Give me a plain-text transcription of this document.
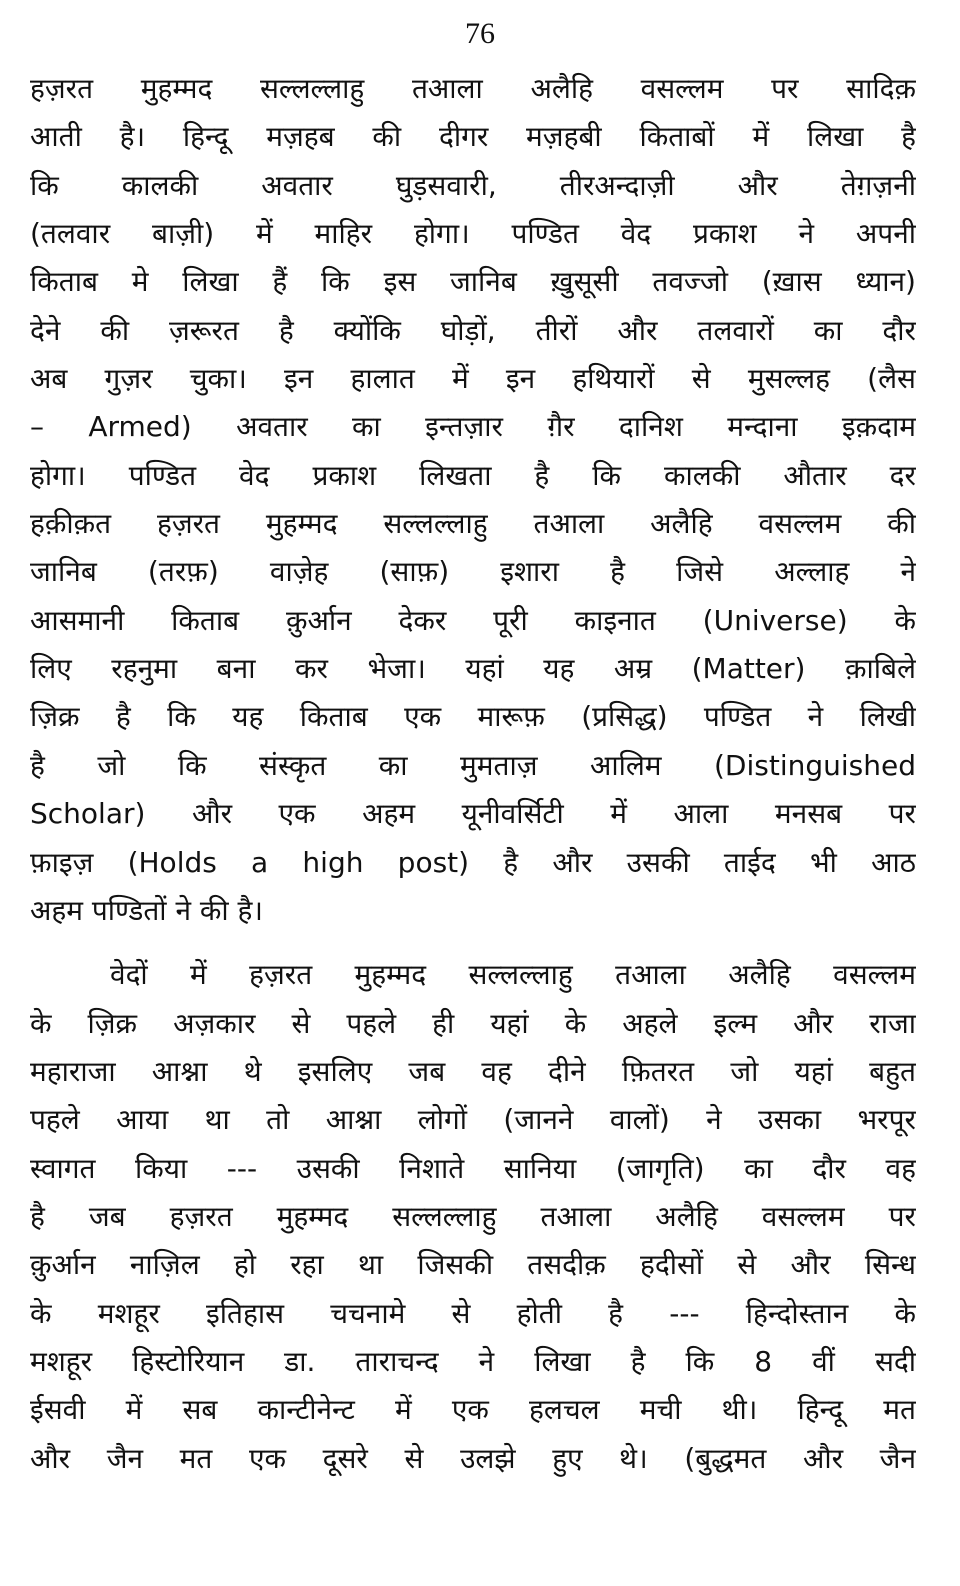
76
हज़रत मुहम्मद सल्लल्लाहु तआला अलैहि वसल्लम पर सादिक़
आती है। हिन्दू मज़हब की दीगर मज़हबी किताबों में लिखा है
कि कालकी अवतार घुड़सवारी, तीरअन्दाज़ी और तेग़ज़नी
(तलवार बाज़ी) में माहिर होगा। पण्डित वेद प्रकाश ने अपनी
किताब मे लिखा हैं कि इस जानिब ख़ुसूसी तवज्जो (ख़ास ध्यान)
देने की ज़रूरत है क्योंकि घोड़ों, तीरों और तलवारों का दौर
अब गुज़र चुका। इन हालात में इन हथियारों से मुसल्लह (लैस
– Armed) अवतार का इन्तज़ार ग़ैर दानिश मन्दाना इक़दाम
होगा। पण्डित वेद प्रकाश लिखता है कि कालकी औतार दर
हक़ीक़त हज़रत मुहम्मद सल्लल्लाहु तआला अलैहि वसल्लम की
जानिब (तरफ़) वाज़ेह (साफ़) इशारा है जिसे अल्लाह ने
आसमानी किताब क़ुर्आन देकर पूरी काइनात (Universe) के
लिए रहनुमा बना कर भेजा। यहां यह अम्र (Matter) क़ाबिले
ज़िक्र है कि यह किताब एक मारूफ़ (प्रसिद्ध) पण्डित ने लिखी
है जो कि संस्कृत का मुमताज़ आलिम (Distinguished
Scholar) और एक अहम यूनीवर्सिटी में आला मनसब पर
फ़ाइज़ (Holds a high post) है और उसकी ताईद भी आठ
अहम पण्डितों ने की है।
वेदों में हज़रत मुहम्मद सल्लल्लाहु तआला अलैहि वसल्लम
के ज़िक्र अज़कार से पहले ही यहां के अहले इल्म और राजा
महाराजा आश्ना थे इसलिए जब वह दीने फ़ितरत जो यहां बहुत
पहले आया था तो आश्ना लोगों (जानने वालों) ने उसका भरपूर
स्वागत किया --- उसकी निशाते सानिया (जागृति) का दौर वह
है जब हज़रत मुहम्मद सल्लल्लाहु तआला अलैहि वसल्लम पर
क़ुर्आन नाज़िल हो रहा था जिसकी तसदीक़ हदीसों से और सिन्ध
के मशहूर इतिहास चचनामे से होती है --- हिन्दोस्तान के
मशहूर हिस्टोरियान डा. ताराचन्द ने लिखा है कि 8 वीं सदी
ईसवी में सब कान्टीनेन्ट में एक हलचल मची थी। हिन्दू मत
और जैन मत एक दूसरे से उलझे हुए थे। (बुद्धमत और जैन
